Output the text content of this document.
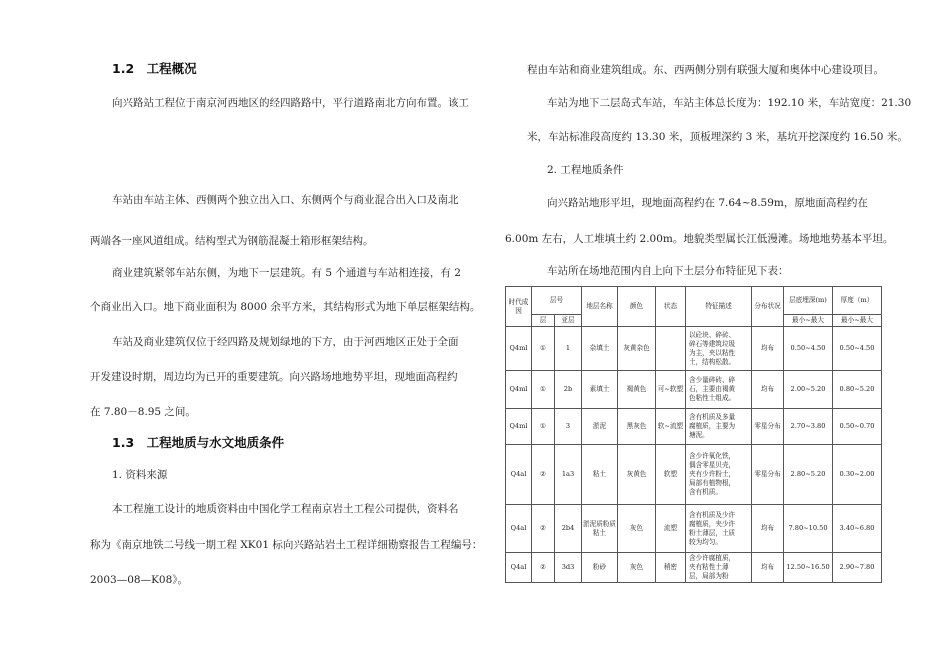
1.2　工程概况
向兴路站工程位于南京河西地区的经四路路中，平行道路南北方向布置。该工
车站由车站主体、西侧两个独立出入口、东侧两个与商业混合出入口及南北
两端各一座风道组成。结构型式为钢筋混凝土箱形框架结构。
商业建筑紧邻车站东侧，为地下一层建筑。有 5 个通道与车站相连接，有 2
个商业出入口。地下商业面积为 8000 余平方米，其结构形式为地下单层框架结构。
车站及商业建筑仅位于经四路及规划绿地的下方，由于河西地区正处于全面
开发建设时期，周边均为已开的重要建筑。向兴路场地地势平坦，现地面高程约
在 7.80－8.95 之间。
1.3　工程地质与水文地质条件
1. 资料来源
本工程施工设计的地质资料由中国化学工程南京岩土工程公司提供，资料名
称为《南京地铁二号线一期工程 XK01 标向兴路站岩土工程详细勘察报告工程编号：
2003—08—K08》。
程由车站和商业建筑组成。东、西两侧分别有联强大厦和奥体中心建设项目。
车站为地下二层岛式车站，车站主体总长度为：192.10 米，车站宽度：21.30
米，车站标准段高度约 13.30 米，顶板埋深约 3 米，基坑开挖深度约 16.50 米。
2. 工程地质条件
向兴路站地形平坦，现地面高程约在 7.64~8.59m，原地面高程约在
6.00m 左右，人工堆填土约 2.00m。地貌类型属长江低漫滩。场地地势基本平坦。
车站所在场地范围内自上向下土层分布特征见下表：
时代成因	层号		地层名称	颜色	状态	特征描述	分布状况	层底埋深(m)	厚度（m）
	层	亚层						最小~最大	最小~最大
Q4ml	①	1	杂填土	灰黄杂色		以砼块、碎砖、
碎石等建筑垃圾
为主，夹以粘性
土，结构松散。	均布	0.50~4.50	0.50~4.50
Q4ml	①	2b	素填土	褐黄色	可~软塑	含少量碎砖、碎
石，主要由褐黄
色粘性土组成。	均布	2.00~5.20	0.80~5.20
Q4ml	①	3	淤泥	黑灰色	软~流塑	含有机质及多量
腐植质，主要为
塘泥。	零星分布	2.70~3.80	0.50~0.70
Q4al	②	1a3	粘土	灰黄色	软塑	含少许氧化铁，
偶含零星贝壳，
夹有少许粉土，
局部有植物根，
含有机质。	零星分布	2.80~5.20	0.30~2.00
Q4al	②	2b4	淤泥质粉质粘土	灰色	流塑	含有机质及少许
腐植质，夹少许
粉土薄层，土质
较为均匀。	均布	7.80~10.50	3.40~6.80
Q4al	②	3d3	粉砂	灰色	稍密	含少许腐植质，
夹有粘性土薄
层，局部为粉	均布	12.50~16.50	2.90~7.80
